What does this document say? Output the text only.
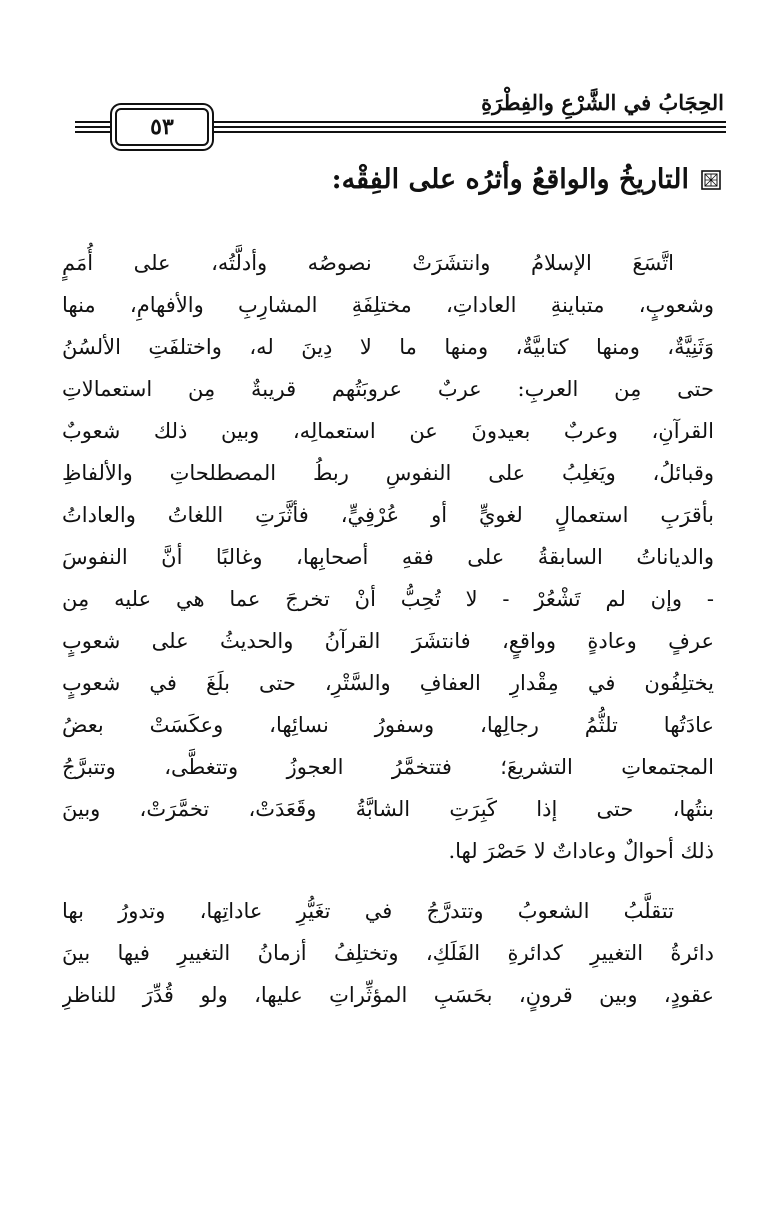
الحِجَابُ في الشَّرْعِ والفِطْرَةِ
٥٣
التاريخُ والواقعُ وأثرُه على الفِقْه:
اتَّسَعَ الإسلامُ وانتشَرَتْ نصوصُه وأدلَّتُه، على أُمَمٍ
وشعوبٍ، متباينةِ العاداتِ، مختلِفَةِ المشارِبِ والأفهامِ، منها
وَثَنِيَّةٌ، ومنها كتابيَّةٌ، ومنها ما لا دِينَ له، واختلفَتِ الألسُنُ
حتى مِن العربِ: عربٌ عروبَتُهم قريبةٌ مِن استعمالاتِ
القرآنِ، وعربٌ بعيدونَ عن استعمالِه، وبين ذلك شعوبٌ
وقبائلُ، ويَغلِبُ على النفوسِ ربطُ المصطلحاتِ والألفاظِ
بأقرَبِ استعمالٍ لغويٍّ أو عُرْفِيٍّ، فأثَّرَتِ اللغاتُ والعاداتُ
والدياناتُ السابقةُ على فقهِ أصحابِها، وغالبًا أنَّ النفوسَ
- وإن لم تَشْعُرْ - لا تُحِبُّ أنْ تخرجَ عما هي عليه مِن
عرفٍ وعادةٍ وواقعٍ، فانتشَرَ القرآنُ والحديثُ على شعوبٍ
يختلِفُون في مِقْدارِ العفافِ والسَّتْرِ، حتى بلَغَ في شعوبٍ
عادَتُها تلثُّمُ رجالِها، وسفورُ نسائِها، وعكَسَتْ بعضُ
المجتمعاتِ التشريعَ؛ فتتخمَّرُ العجوزُ وتتغطَّى، وتتبرَّجُ
بنتُها، حتى إذا كَبِرَتِ الشابَّةُ وقَعَدَتْ، تخمَّرَتْ، وبينَ
ذلك أحوالٌ وعاداتٌ لا حَصْرَ لها.
تتقلَّبُ الشعوبُ وتتدرَّجُ في تغَيُّرِ عاداتِها، وتدورُ بها
دائرةُ التغييرِ كدائرةِ الفَلَكِ، وتختلِفُ أزمانُ التغييرِ فيها بينَ
عقودٍ، وبين قرونٍ، بحَسَبِ المؤثِّراتِ عليها، ولو قُدِّرَ للناظرِ
